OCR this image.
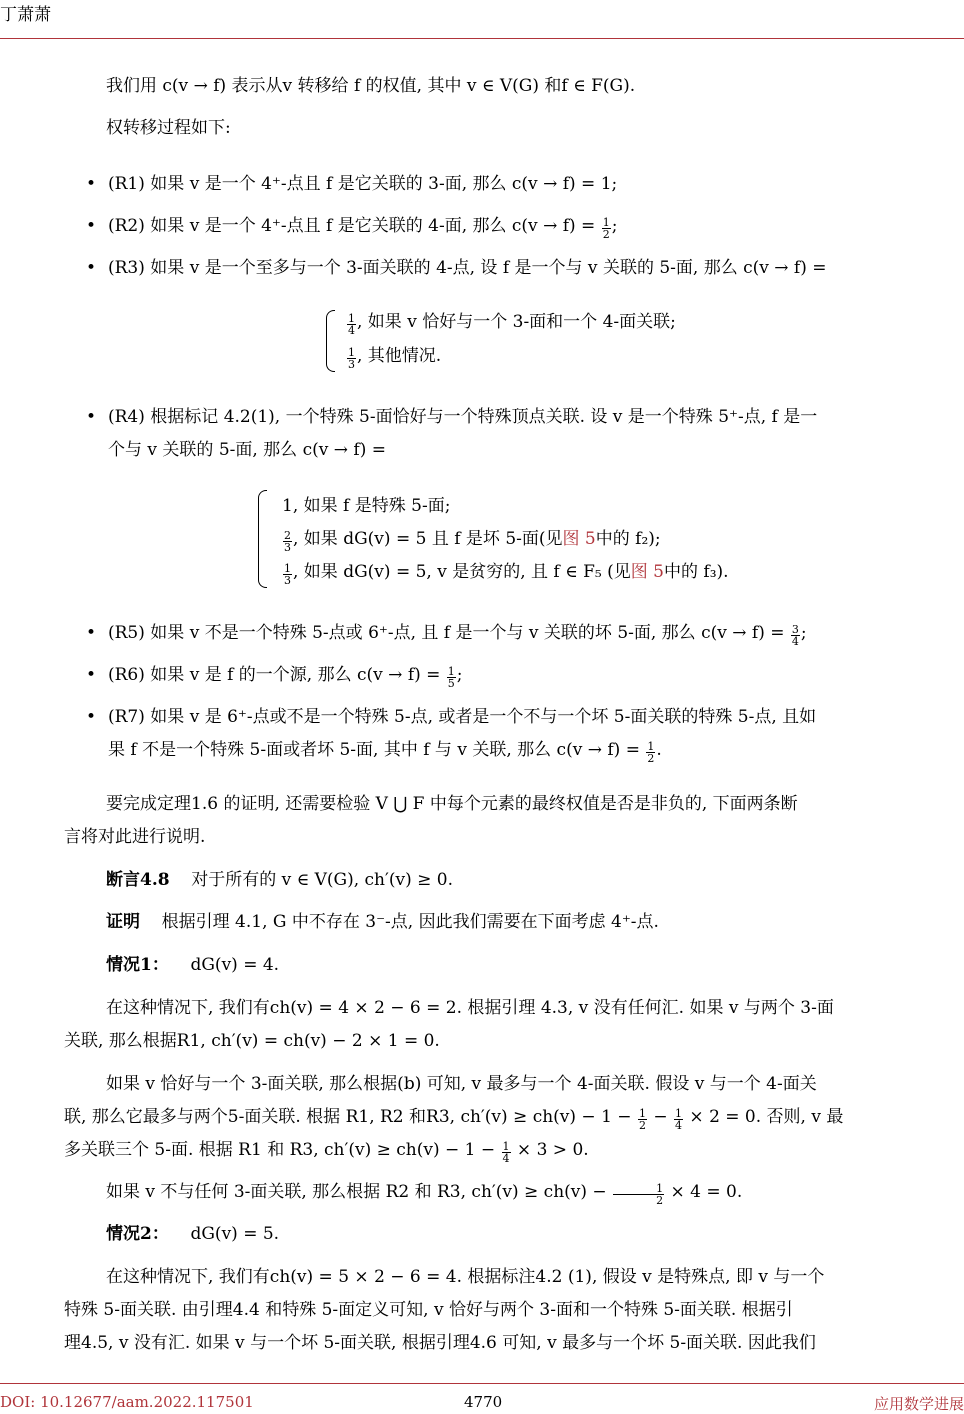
丁萧萧
我们用 c(v → f) 表示从v 转移给 f 的权值, 其中 v ∈ V(G) 和f ∈ F(G).
权转移过程如下:
• (R1) 如果 v 是一个 4⁺-点且 f 是它关联的 3-面, 那么 c(v → f) = 1;
• (R2) 如果 v 是一个 4⁺-点且 f 是它关联的 4-面, 那么 $c(v \to f) = \frac{1}{2}$ ;
• (R3) 如果 v 是一个至多与一个 3-面关联的 4-点, 设 f 是一个与 v 关联的 5-面, 那么 c(v → f) =
$\frac{1}{4}$ , 如果 v 恰好与一个 3-面和一个 4-面关联;
$\frac{1}{3}$ , 其他情况.
• (R4) 根据标记 4.2(1), 一个特殊 5-面恰好与一个特殊顶点关联. 设 v 是一个特殊 5⁺-点, f 是一
个与 v 关联的 5-面, 那么 c(v → f) =
1, 如果 f 是特殊 5-面;
$\frac{2}{3}$ , 如果 dG(v) = 5 且 f 是坏 5-面(见图 5中的 f₂);
$\frac{1}{3}$ , 如果 dG(v) = 5, v 是贫穷的, 且 f ∈ F₅ (见图 5中的 f₃).
• (R5) 如果 v 不是一个特殊 5-点或 6⁺-点, 且 f 是一个与 v 关联的坏 5-面, 那么 $c(v \to f) = \frac{3}{4}$ ;
• (R6) 如果 v 是 f 的一个源, 那么 $c(v \to f) = \frac{1}{5}$ ;
• (R7) 如果 v 是 6⁺-点或不是一个特殊 5-点, 或者是一个不与一个坏 5-面关联的特殊 5-点, 且如
果 f 不是一个特殊 5-面或者坏 5-面, 其中 f 与 v 关联, 那么 $c(v \to f) = \frac{1}{2}$ .
要完成定理1.6 的证明, 还需要检验 V ⋃ F 中每个元素的最终权值是否是非负的, 下面两条断
言将对此进行说明.
断言4.8 对于所有的 v ∈ V(G), ch′(v) ≥ 0.
证明 根据引理 4.1, G 中不存在 3⁻-点, 因此我们需要在下面考虑 4⁺-点.
情况1： dG(v) = 4.
在这种情况下, 我们有ch(v) = 4 × 2 − 6 = 2. 根据引理 4.3, v 没有任何汇. 如果 v 与两个 3-面
关联, 那么根据R1, ch′(v) = ch(v) − 2 × 1 = 0.
如果 v 恰好与一个 3-面关联, 那么根据(b) 可知, v 最多与一个 4-面关联. 假设 v 与一个 4-面关
联, 那么它最多与两个5-面关联. 根据 R1, R2 和R3, $ch'(v) \ge ch(v) - 1 - \frac{1}{2} - \frac{1}{4} \times 2 = 0$. 否则, v 最
多关联三个 5-面. 根据 R1 和 R3, $ch'(v) \ge ch(v) - 1 - \frac{1}{4} \times 3 > 0$.
如果 v 不与任何 3-面关联, 那么根据 R2 和 R3, $ch'(v) \ge ch(v) - \frac{1}{2} \times 4 = 0$.
情况2： dG(v) = 5.
在这种情况下, 我们有ch(v) = 5 × 2 − 6 = 4. 根据标注4.2 (1), 假设 v 是特殊点, 即 v 与一个
特殊 5-面关联. 由引理4.4 和特殊 5-面定义可知, v 恰好与两个 3-面和一个特殊 5-面关联. 根据引
理4.5, v 没有汇. 如果 v 与一个坏 5-面关联, 根据引理4.6 可知, v 最多与一个坏 5-面关联. 因此我们
DOI: 10.12677/aam.2022.117501	4770	应用数学进展
